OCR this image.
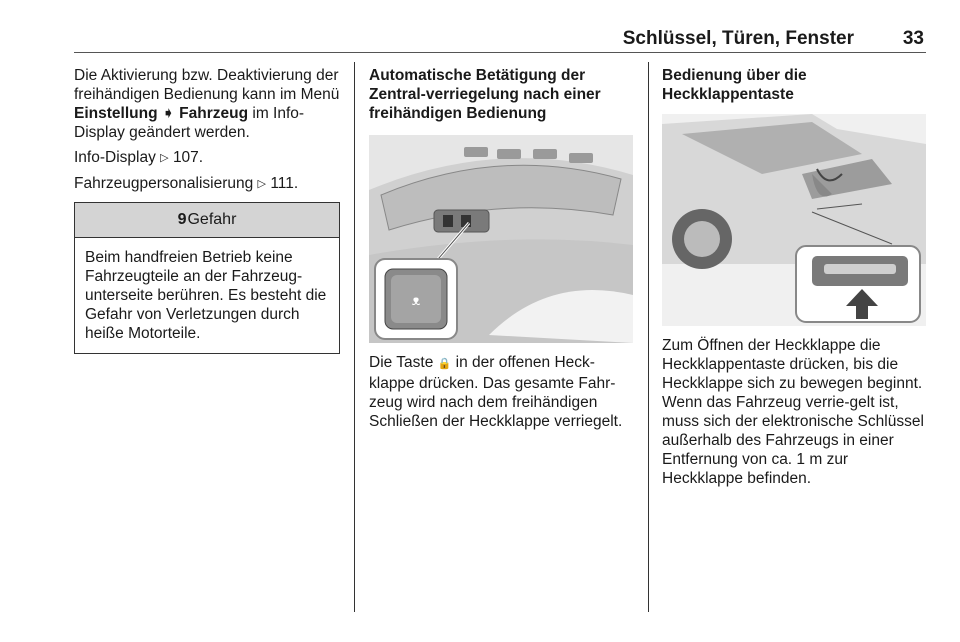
Schlüssel, Türen, Fenster	33

Die Aktivierung bzw. Deaktivierung der freihändigen Bedienung kann im Menü Einstellung ➧ Fahrzeug im Info-Display geändert werden.

Info-Display ▷ 107.

Fahrzeugpersonalisierung ▷ 111.

9 Gefahr

Beim handfreien Betrieb keine Fahrzeugteile an der Fahrzeug-unterseite berühren. Es besteht die Gefahr von Verletzungen durch heiße Motorteile.

Automatische Betätigung der Zentral-verriegelung nach einer freihändigen Bedienung
ᴥ

Die Taste 🔒 in der offenen Heck-klappe drücken. Das gesamte Fahr-zeug wird nach dem freihändigen Schließen der Heckklappe verriegelt.

Bedienung über die Heckklappentaste

Zum Öffnen der Heckklappe die Heckklappentaste drücken, bis die Heckklappe sich zu bewegen beginnt. Wenn das Fahrzeug verrie-gelt ist, muss sich der elektronische Schlüssel außerhalb des Fahrzeugs in einer Entfernung von ca. 1 m zur Heckklappe befinden.
